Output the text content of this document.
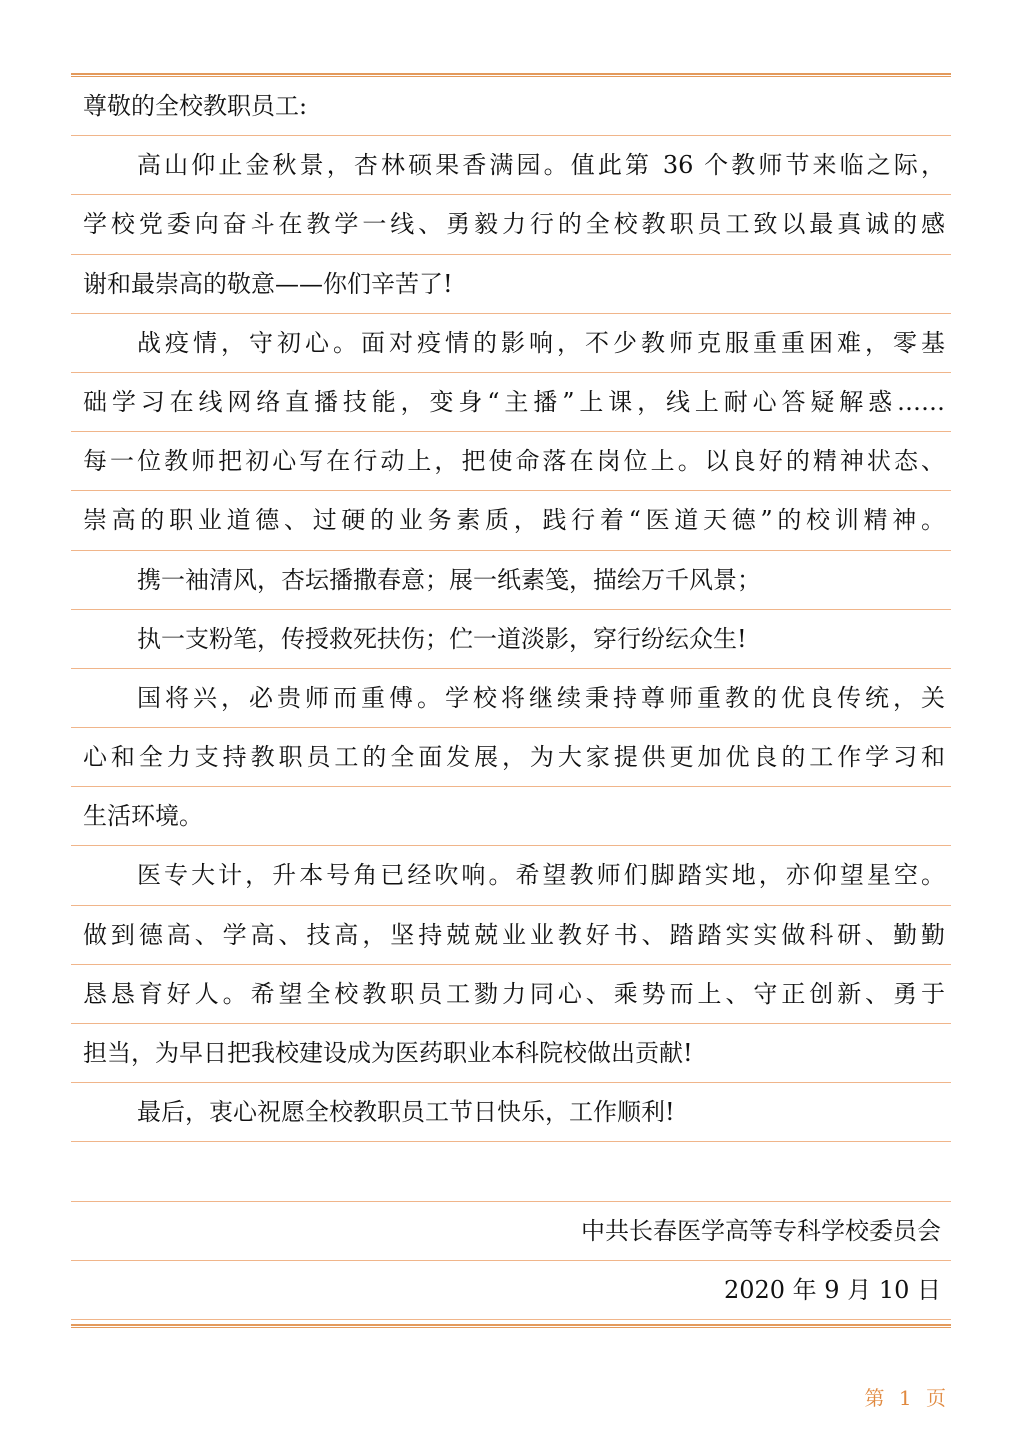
尊敬的全校教职员工:
高山仰止金秋景，杏林硕果香满园。值此第 36 个教师节来临之际，
学校党委向奋斗在教学一线、勇毅力行的全校教职员工致以最真诚的感
谢和最崇高的敬意——你们辛苦了!
战疫情，守初心。面对疫情的影响，不少教师克服重重困难，零基
础学习在线网络直播技能，变身“主播”上课，线上耐心答疑解惑……
每一位教师把初心写在行动上，把使命落在岗位上。以良好的精神状态、
崇高的职业道德、过硬的业务素质，践行着“医道天德”的校训精神。
携一袖清风，杏坛播撒春意；展一纸素笺，描绘万千风景；
执一支粉笔，传授救死扶伤；伫一道淡影，穿行纷纭众生!
国将兴，必贵师而重傅。学校将继续秉持尊师重教的优良传统，关
心和全力支持教职员工的全面发展，为大家提供更加优良的工作学习和
生活环境。
医专大计，升本号角已经吹响。希望教师们脚踏实地，亦仰望星空。
做到德高、学高、技高，坚持兢兢业业教好书、踏踏实实做科研、勤勤
恳恳育好人。希望全校教职员工勠力同心、乘势而上、守正创新、勇于
担当，为早日把我校建设成为医药职业本科院校做出贡献!
最后，衷心祝愿全校教职员工节日快乐，工作顺利!
中共长春医学高等专科学校委员会
2020 年 9 月 10 日
第 1 页
